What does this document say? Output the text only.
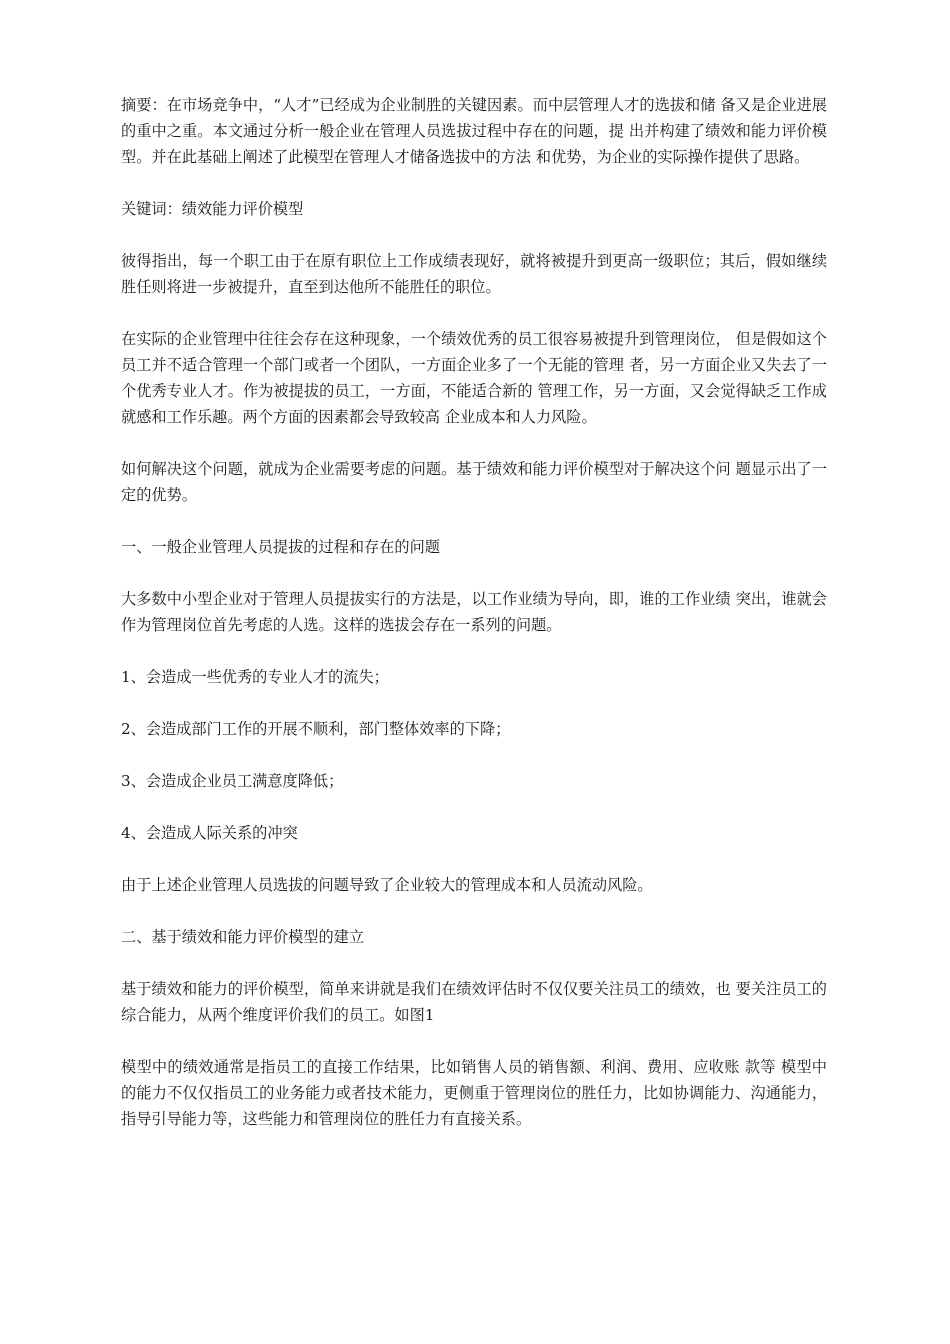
摘要：在市场竞争中，“人才”已经成为企业制胜的关键因素。而中层管理人才的选拔和储 备又是企业进展的重中之重。本文通过分析一般企业在管理人员选拔过程中存在的问题，提 出并构建了绩效和能力评价模型。并在此基础上阐述了此模型在管理人才储备选拔中的方法 和优势，为企业的实际操作提供了思路。

关键词：绩效能力评价模型

彼得指出，每一个职工由于在原有职位上工作成绩表现好，就将被提升到更高一级职位；其后，假如继续胜任则将进一步被提升，直至到达他所不能胜任的职位。

在实际的企业管理中往往会存在这种现象，一个绩效优秀的员工很容易被提升到管理岗位， 但是假如这个员工并不适合管理一个部门或者一个团队，一方面企业多了一个无能的管理 者，另一方面企业又失去了一个优秀专业人才。作为被提拔的员工，一方面，不能适合新的 管理工作，另一方面，又会觉得缺乏工作成就感和工作乐趣。两个方面的因素都会导致较高 企业成本和人力风险。

如何解决这个问题，就成为企业需要考虑的问题。基于绩效和能力评价模型对于解决这个问 题显示出了一定的优势。

一、一般企业管理人员提拔的过程和存在的问题

大多数中小型企业对于管理人员提拔实行的方法是，以工作业绩为导向，即，谁的工作业绩 突出，谁就会作为管理岗位首先考虑的人选。这样的选拔会存在一系列的问题。

1、会造成一些优秀的专业人才的流失；

2、会造成部门工作的开展不顺利，部门整体效率的下降；

3、会造成企业员工满意度降低；

4、会造成人际关系的冲突

由于上述企业管理人员选拔的问题导致了企业较大的管理成本和人员流动风险。

二、基于绩效和能力评价模型的建立

基于绩效和能力的评价模型，简单来讲就是我们在绩效评估时不仅仅要关注员工的绩效，也 要关注员工的综合能力，从两个维度评价我们的员工。如图1

模型中的绩效通常是指员工的直接工作结果，比如销售人员的销售额、利润、费用、应收账 款等 模型中的能力不仅仅指员工的业务能力或者技术能力，更侧重于管理岗位的胜任力，比如协调能力、沟通能力，指导引导能力等，这些能力和管理岗位的胜任力有直接关系。
